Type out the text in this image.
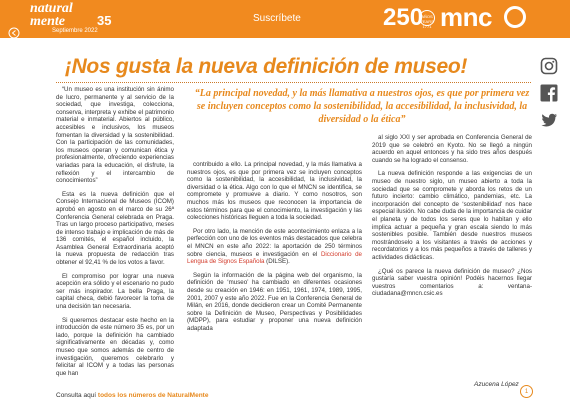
natural
mente	35
Septiembre 2022
Suscríbete	250
AÑOS YEARS 1771 mnc
sumario
¡Nos gusta la nueva definición de museo!

“Un museo es una institución sin ánimo de lucro, permanente y al servicio de la sociedad, que investiga, colecciona, conserva, interpreta y exhibe el patrimonio material e inmaterial. Abiertos al público, accesibles e inclusivos, los museos fomentan la diversidad y la sostenibilidad. Con la participación de las comunidades, los museos operan y comunican ética y profesionalmente, ofreciendo experiencias variadas para la educación, el disfrute, la reflexión y el intercambio de conocimientos”

Esta es la nueva definición que el Consejo Internacional de Museos (ICOM) aprobó en agosto en el marco de su 26ª Conferencia General celebrada en Praga. Tras un largo proceso participativo, meses de intenso trabajo e implicación de más de 136 comités, el español incluido, la Asamblea General Extraordinaria aceptó la nueva propuesta de redacción tras obtener el 92,41 % de los votos a favor.

El compromiso por lograr una nueva acepción era sólido y el escenario no pudo ser más inspirador. La bella Praga, la capital checa, debió favorecer la toma de una decisión tan necesaria.

Si queremos destacar este hecho en la introducción de este número 35 es, por un lado, porque la definición ha cambiado significativamente en décadas y, como museo que somos además de centro de investigación, queremos celebrarlo y felicitar al ICOM y a todas las personas que han

“La principal novedad, y la más llamativa a nuestros ojos, es que por primera vez se incluyen conceptos como la sostenibilidad, la accesibilidad, la inclusividad, la diversidad o la ética”

contribuido a ello. La principal novedad, y la más llamativa a nuestros ojos, es que por primera vez se incluyen conceptos como la sostenibilidad, la accesibilidad, la inclusividad, la diversidad o la ética. Algo con lo que el MNCN se identifica, se compromete y promueve a diario. Y como nosotros, son muchos más los museos que reconocen la importancia de estos términos para que el conocimiento, la investigación y las colecciones históricas lleguen a toda la sociedad.

Por otro lado, la mención de este acontecimiento enlaza a la perfección con uno de los eventos más destacados que celebra el MNCN en este año 2022: la aportación de 250 términos sobre ciencia, museos e investigación en el Diccionario de Lengua de Signos Española (DILSE).

Según la información de la página web del organismo, la definición de ‘museo’ ha cambiado en diferentes ocasiones desde su creación en 1946: en 1951, 1961, 1974, 1989, 1995, 2001, 2007 y este año 2022. Fue en la Conferencia General de Milán, en 2016, donde decidieron crear un Comité Permanente sobre la Definición de Museo, Perspectivas y Posibilidades (MDPP), para estudiar y proponer una nueva definición adaptada

al siglo XXI y ser aprobada en Conferencia General de 2019 que se celebró en Kyoto. No se llegó a ningún acuerdo en aquel entonces y ha sido tres años después cuando se ha logrado el consenso.

La nueva definición responde a las exigencias de un museo de nuestro siglo, un museo abierto a toda la sociedad que se compromete y aborda los retos de un futuro incierto: cambio climático, pandemias, etc. La incorporación del concepto de ‘sostenibilidad’ nos hace especial ilusión. No cabe duda de la importancia de cuidar el planeta y de todos los seres que lo habitan y ello implica actuar a pequeña y gran escala siendo lo más sostenibles posible. También desde nuestros museos mostrándoselo a los visitantes a través de acciones y recordatorios y a los más pequeños a través de talleres y actividades didácticas.

¿Qué os parece la nueva definición de museo? ¿Nos gustaría saber vuestra opinión! Podéis hacernos llegar vuestros comentarios a: ventana-ciudadana@mncn.csic.es

Azucena López
Consulta aquí todos los números de NaturalMente	1
